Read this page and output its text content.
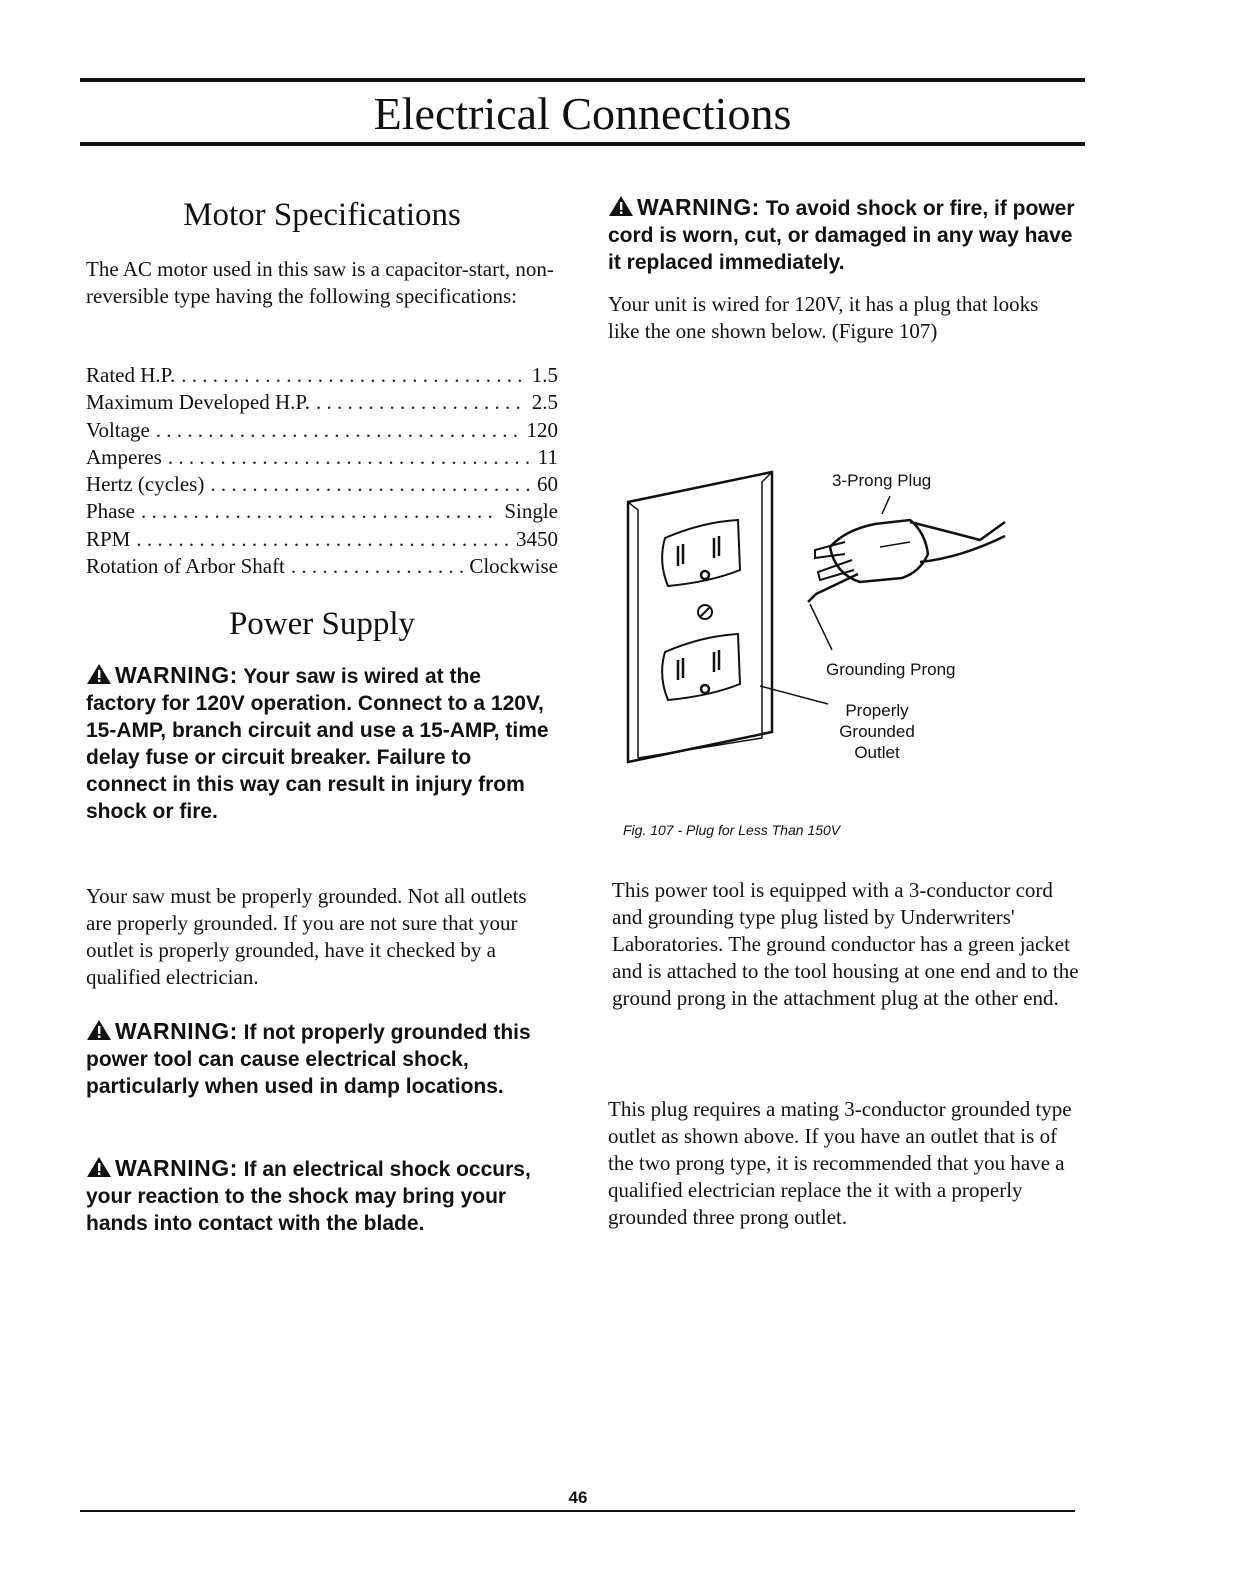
Electrical Connections
Motor Specifications
The AC motor used in this saw is a capacitor-start, non-reversible type having the following specifications:
Rated H.P. . . .	1.5
Maximum Developed H.P. . . .	2.5
Voltage . . .	120
Amperes . . .	11
Hertz (cycles) . . .	60
Phase . . .	Single
RPM . . .	3450
Rotation of Arbor Shaft . . .	Clockwise
Power Supply
WARNING: Your saw is wired at the factory for 120V operation. Connect to a 120V, 15-AMP, branch circuit and use a 15-AMP, time delay fuse or circuit breaker. Failure to connect in this way can result in injury from shock or fire.
Your saw must be properly grounded. Not all outlets are properly grounded. If you are not sure that your outlet is properly grounded, have it checked by a qualified electrician.
WARNING: If not properly grounded this power tool can cause electrical shock, particularly when used in damp locations.
WARNING: If an electrical shock occurs, your reaction to the shock may bring your hands into contact with the blade.
WARNING: To avoid shock or fire, if power cord is worn, cut, or damaged in any way have it replaced immediately.
Your unit is wired for 120V, it has a plug that looks like the one shown below. (Figure 107)
3-Prong Plug
Grounding Prong
Properly
Grounded
Outlet
Fig. 107 - Plug for Less Than 150V
This power tool is equipped with a 3-conductor cord and grounding type plug listed by Underwriters' Laboratories. The ground conductor has a green jacket and is attached to the tool housing at one end and to the ground prong in the attachment plug at the other end.
This plug requires a mating 3-conductor grounded type outlet as shown above. If you have an outlet that is of the two prong type, it is recommended that you have a qualified electrician replace the it with a properly grounded three prong outlet.
46
